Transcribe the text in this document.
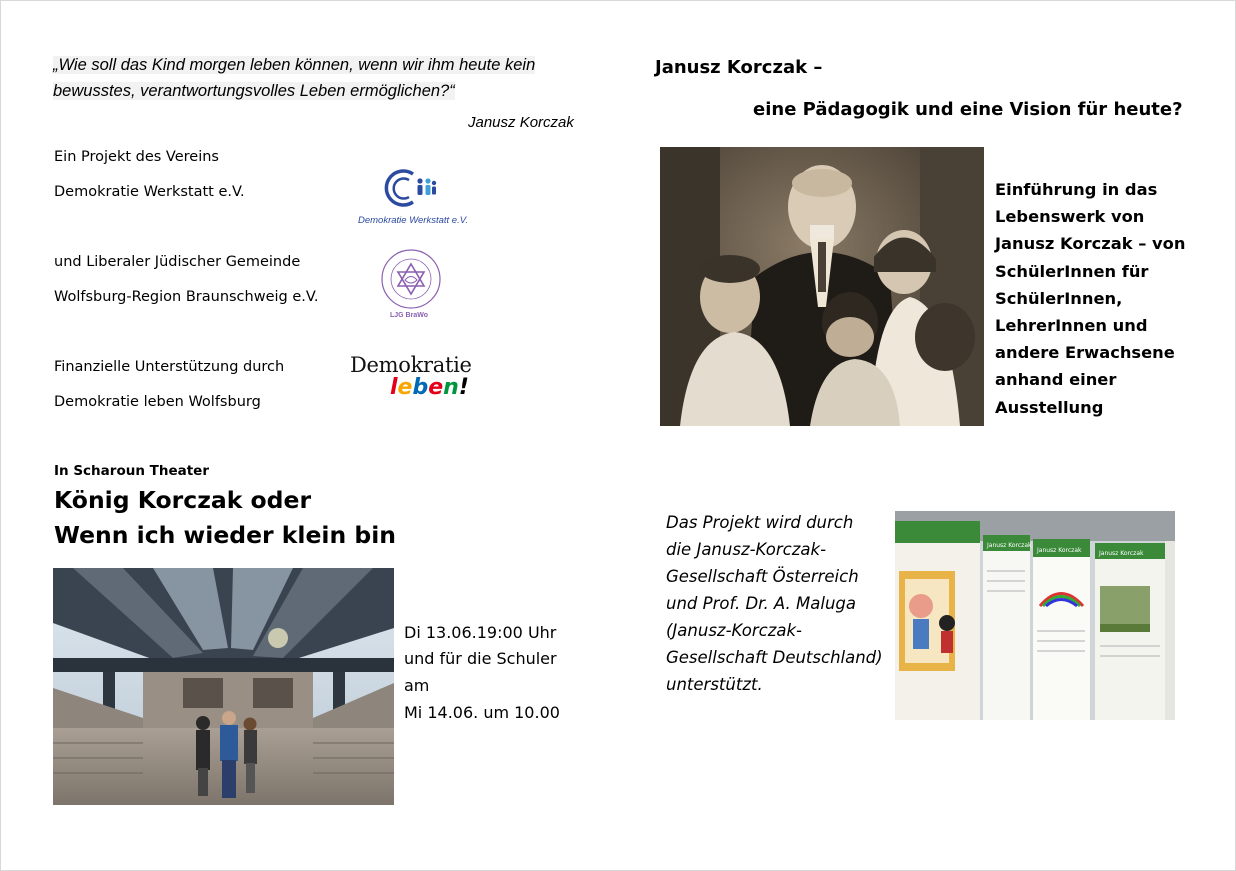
„Wie soll das Kind morgen leben können, wenn wir ihm heute kein
bewusstes, verantwortungsvolles Leben ermöglichen?“
Janusz Korczak
Ein Projekt des Vereins
Demokratie Werkstatt e.V.
und Liberaler Jüdischer Gemeinde
Wolfsburg-Region Braunschweig e.V.
Finanzielle Unterstützung durch
Demokratie leben Wolfsburg
Demokratie Werkstatt e.V.
LJG BraWo
Demokratie
leben!
In Scharoun Theater
König Korczak oder
Wenn ich wieder klein bin
Di 13.06.19:00 Uhr
und für die Schuler
am
Mi 14.06. um 10.00
Janusz Korczak –
eine Pädagogik und eine Vision für heute?
Einführung in das
Lebenswerk von
Janusz Korczak – von
SchülerInnen für
SchülerInnen,
LehrerInnen und
andere Erwachsene
anhand einer
Ausstellung
Das Projekt wird durch
die Janusz-Korczak-
Gesellschaft Österreich
und Prof. Dr. A. Maluga
(Janusz-Korczak-
Gesellschaft Deutschland)
unterstützt.
Janusz Korczak
Janusz Korczak	Janusz Korczak
